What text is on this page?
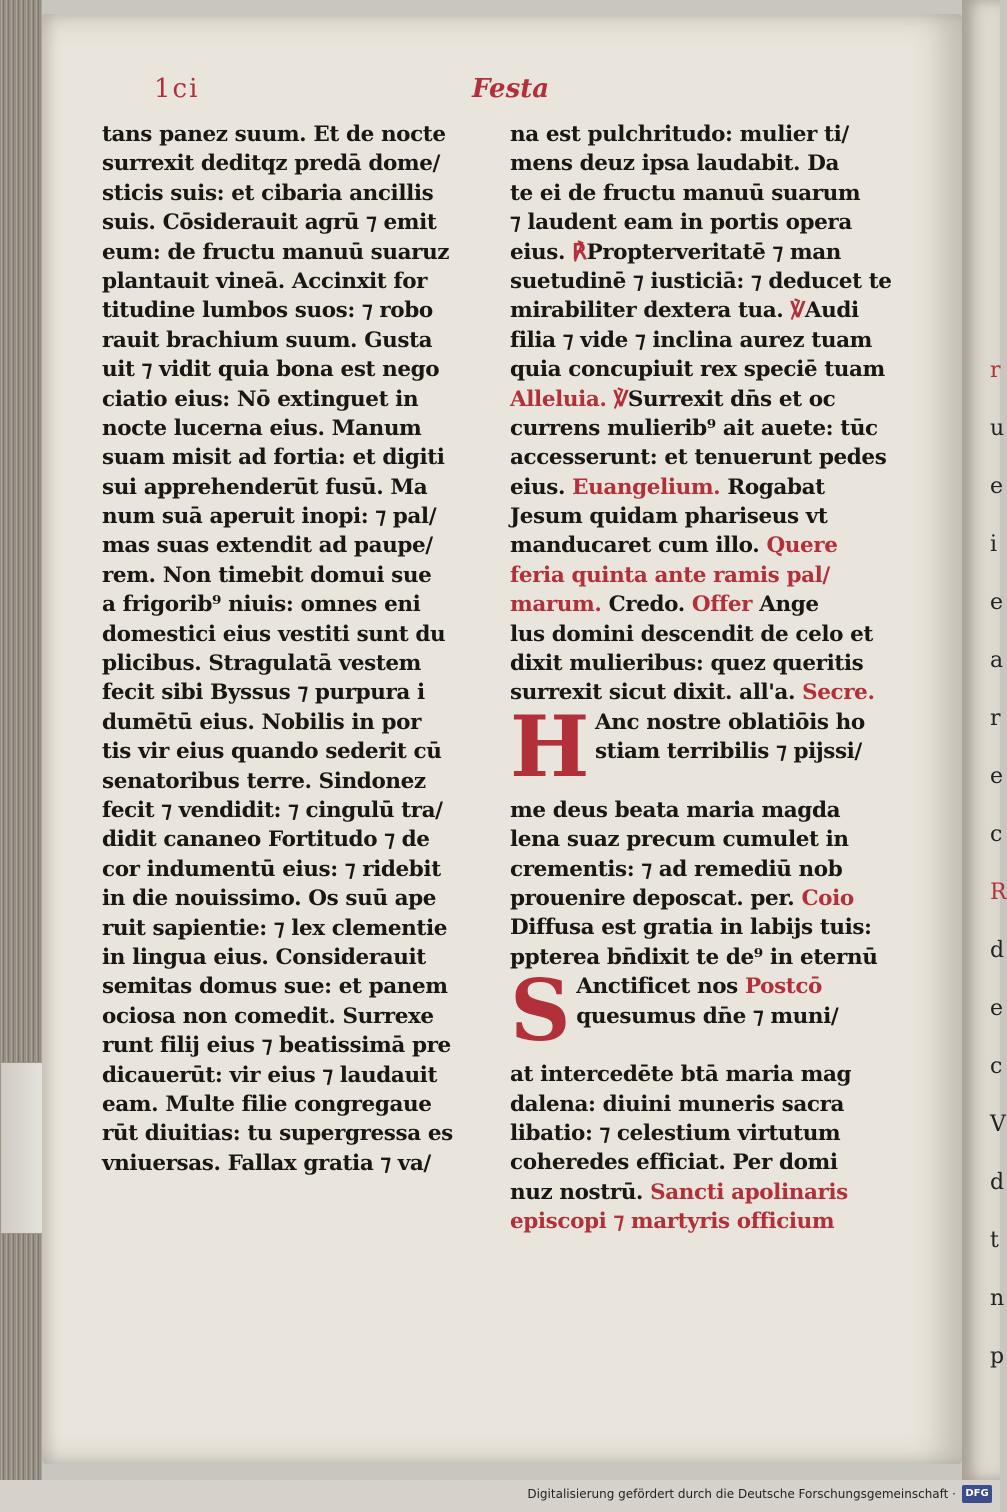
1ci	Festa
tans panez suum. Et de nocte
surrexit deditqz predā dome/
sticis suis: et cibaria ancillis
suis. Cōsiderauit agrū ⁊ emit
eum: de fructu manuū suaruz
plantauit vineā. Accinxit for
titudine lumbos suos: ⁊ robo
rauit brachium suum. Gusta
uit ⁊ vidit quia bona est nego
ciatio eius: Nō extinguet in
nocte lucerna eius. Manum
suam misit ad fortia: et digiti
sui apprehenderūt fusū. Ma
num suā aperuit inopi: ⁊ pal/
mas suas extendit ad paupe/
rem. Non timebit domui sue
a frigorib⁹ niuis: omnes eni
domestici eius vestiti sunt du
plicibus. Stragulatā vestem
fecit sibi Byssus ⁊ purpura i
dumētū eius. Nobilis in por
tis vir eius quando sederit cū
senatoribus terre. Sindonez
fecit ⁊ vendidit: ⁊ cingulū tra/
didit cananeo Fortitudo ⁊ de
cor indumentū eius: ⁊ ridebit
in die nouissimo. Os suū ape
ruit sapientie: ⁊ lex clementie
in lingua eius. Considerauit
semitas domus sue: et panem
ociosa non comedit. Surrexe
runt filij eius ⁊ beatissimā pre
dicauerūt: vir eius ⁊ laudauit
eam. Multe filie congregaue
rūt diuitias: tu supergressa es
vniuersas. Fallax gratia ⁊ va/
na est pulchritudo: mulier ti/
mens deuz ipsa laudabit. Da
te ei de fructu manuū suarum
⁊ laudent eam in portis opera
eius. ℟Propterveritatē ⁊ man
suetudinē ⁊ iusticiā: ⁊ deducet te
mirabiliter dextera tua. ℣Audi
filia ⁊ vide ⁊ inclina aurez tuam
quia concupiuit rex speciē tuam
Alleluia. ℣Surrexit dn̄s et oc
currens mulierib⁹ ait auete: tūc
accesserunt: et tenuerunt pedes
eius. Euangelium. Rogabat
Jesum quidam phariseus vt
manducaret cum illo. Quere
feria quinta ante ramis pal/
marum. Credo. Offer Ange
lus domini descendit de celo et
dixit mulieribus: quez queritis
surrexit sicut dixit. all'a. Secre.
H Anc nostre oblatiōis ho
stiam terribilis ⁊ pijssi/
me deus beata maria magda
lena suaz precum cumulet in
crementis: ⁊ ad remediū nob
prouenire deposcat. per. Coio
Diffusa est gratia in labijs tuis:
ppterea bn̄dixit te de⁹ in eternū
S Anctificet nos Postcō
quesumus dn̄e ⁊ muni/
at intercedēte btā maria mag
dalena: diuini muneris sacra
libatio: ⁊ celestium virtutum
coheredes efficiat. Per domi
nuz nostrū. Sancti apolinaris
episcopi ⁊ martyris officium
r
u
e
i
e
a
r
e
c
R
d
e
c
V
d
t
n
p
Digitalisierung gefördert durch die Deutsche Forschungsgemeinschaft · DFG
